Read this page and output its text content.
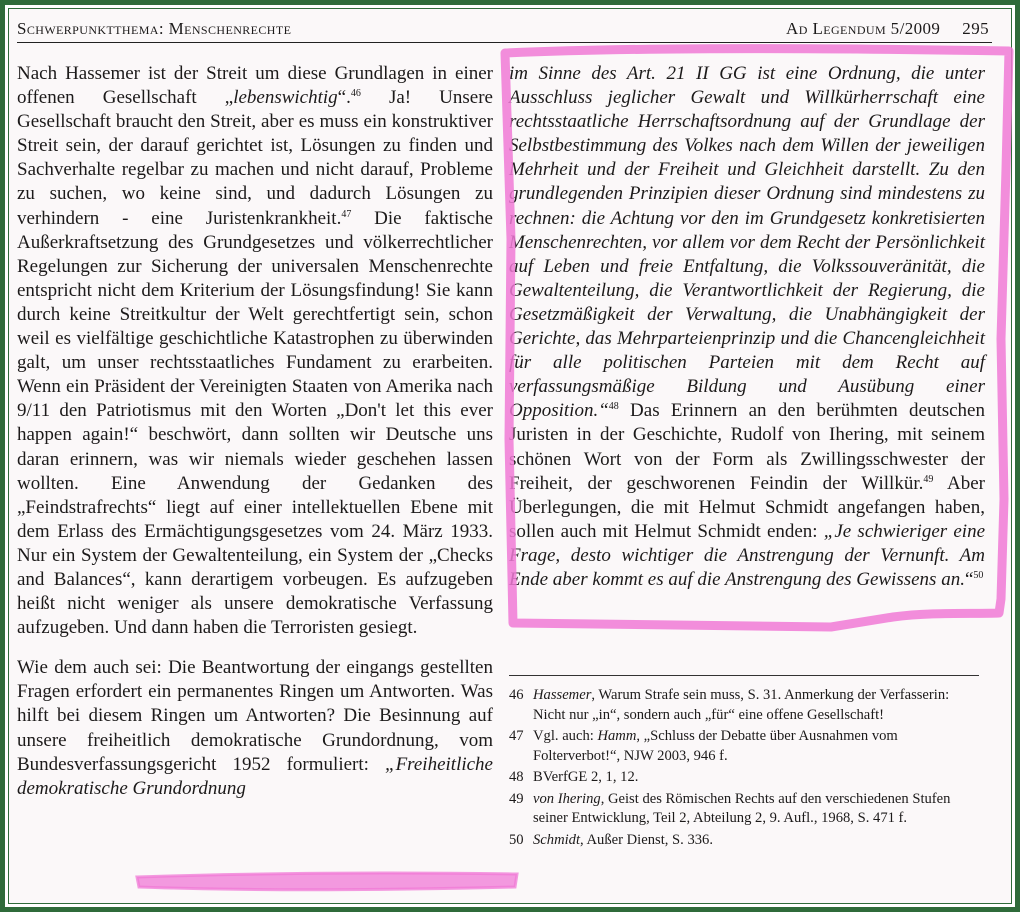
Schwerpunktthema: Menschenrechte	Ad Legendum 5/2009 295

Nach Hassemer ist der Streit um diese Grundlagen in einer offenen Gesellschaft „lebenswichtig“.$^{46}$ Ja! Unsere Gesellschaft braucht den Streit, aber es muss ein konstruktiver Streit sein, der darauf gerichtet ist, Lösungen zu finden und Sachverhalte regelbar zu machen und nicht darauf, Probleme zu suchen, wo keine sind, und dadurch Lösungen zu verhindern - eine Juristenkrankheit.$^{47}$ Die faktische Außerkraftsetzung des Grundgesetzes und völkerrechtlicher Regelungen zur Sicherung der universalen Menschenrechte entspricht nicht dem Kriterium der Lösungsfindung! Sie kann durch keine Streitkultur der Welt gerechtfertigt sein, schon weil es vielfältige geschichtliche Katastrophen zu überwinden galt, um unser rechtsstaatliches Fundament zu erarbeiten. Wenn ein Präsident der Vereinigten Staaten von Amerika nach 9/11 den Patriotismus mit den Worten „Don't let this ever happen again!“ beschwört, dann sollten wir Deutsche uns daran erinnern, was wir niemals wieder geschehen lassen wollten. Eine Anwendung der Gedanken des „Feindstrafrechts“ liegt auf einer intellektuellen Ebene mit dem Erlass des Ermächtigungsgesetzes vom 24. März 1933. Nur ein System der Gewaltenteilung, ein System der „Checks and Balances“, kann derartigem vorbeugen. Es aufzugeben heißt nicht weniger als unsere demokratische Verfassung aufzugeben. Und dann haben die Terroristen gesiegt.

Wie dem auch sei: Die Beantwortung der eingangs gestellten Fragen erfordert ein permanentes Ringen um Antworten. Was hilft bei diesem Ringen um Antworten? Die Besinnung auf unsere freiheitlich demokratische Grundordnung, vom Bundesverfassungsgericht 1952 formuliert: „Freiheitliche demokratische Grundordnung

im Sinne des Art. 21 II GG ist eine Ordnung, die unter Ausschluss jeglicher Gewalt und Willkürherrschaft eine rechtsstaatliche Herrschaftsordnung auf der Grundlage der Selbstbestimmung des Volkes nach dem Willen der jeweiligen Mehrheit und der Freiheit und Gleichheit darstellt. Zu den grundlegenden Prinzipien dieser Ordnung sind mindestens zu rechnen: die Achtung vor den im Grundgesetz konkretisierten Menschenrechten, vor allem vor dem Recht der Persönlichkeit auf Leben und freie Entfaltung, die Volkssouveränität, die Gewaltenteilung, die Verantwortlichkeit der Regierung, die Gesetzmäßigkeit der Verwaltung, die Unabhängigkeit der Gerichte, das Mehrparteienprinzip und die Chancengleichheit für alle politischen Parteien mit dem Recht auf verfassungsmäßige Bildung und Ausübung einer Opposition.“$^{48}$ Das Erinnern an den berühmten deutschen Juristen in der Geschichte, Rudolf von Ihering, mit seinem schönen Wort von der Form als Zwillingsschwester der Freiheit, der geschworenen Feindin der Willkür.$^{49}$ Aber Überlegungen, die mit Helmut Schmidt angefangen haben, sollen auch mit Helmut Schmidt enden: „Je schwieriger eine Frage, desto wichtiger die Anstrengung der Vernunft. Am Ende aber kommt es auf die Anstrengung des Gewissens an.“$^{50}$

46 Hassemer, Warum Strafe sein muss, S. 31. Anmerkung der Verfasserin: Nicht nur „in“, sondern auch „für“ eine offene Gesellschaft!
47 Vgl. auch: Hamm, „Schluss der Debatte über Ausnahmen vom Folterverbot!“, NJW 2003, 946 f.
48 BVerfGE 2, 1, 12.
49 von Ihering, Geist des Römischen Rechts auf den verschiedenen Stufen seiner Entwicklung, Teil 2, Abteilung 2, 9. Aufl., 1968, S. 471 f.
50 Schmidt, Außer Dienst, S. 336.
